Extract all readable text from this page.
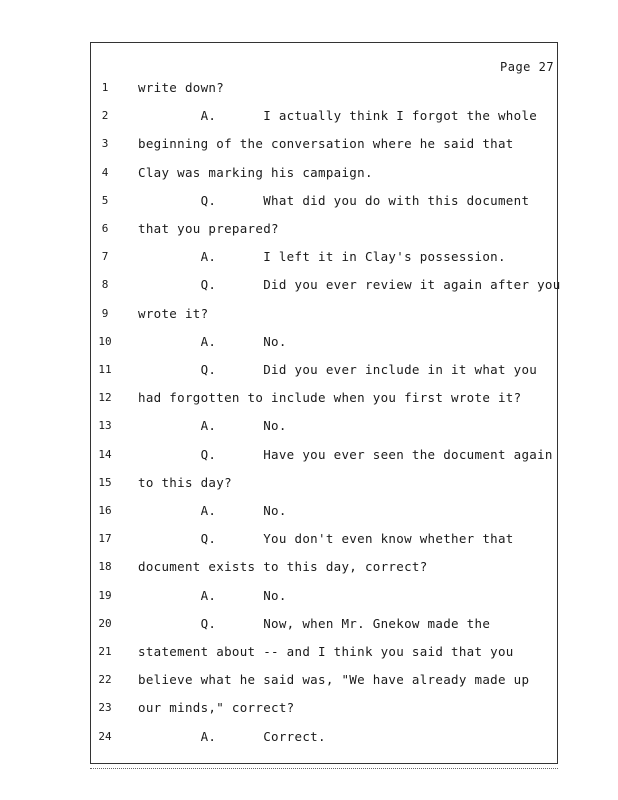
Page 27
1	write down?
2	A.      I actually think I forgot the whole
3	beginning of the conversation where he said that
4	Clay was marking his campaign.
5	Q.      What did you do with this document
6	that you prepared?
7	A.      I left it in Clay's possession.
8	Q.      Did you ever review it again after you
9	wrote it?
10	A.      No.
11	Q.      Did you ever include in it what you
12	had forgotten to include when you first wrote it?
13	A.      No.
14	Q.      Have you ever seen the document again
15	to this day?
16	A.      No.
17	Q.      You don't even know whether that
18	document exists to this day, correct?
19	A.      No.
20	Q.      Now, when Mr. Gnekow made the
21	statement about -- and I think you said that you
22	believe what he said was, "We have already made up
23	our minds," correct?
24	A.      Correct.
